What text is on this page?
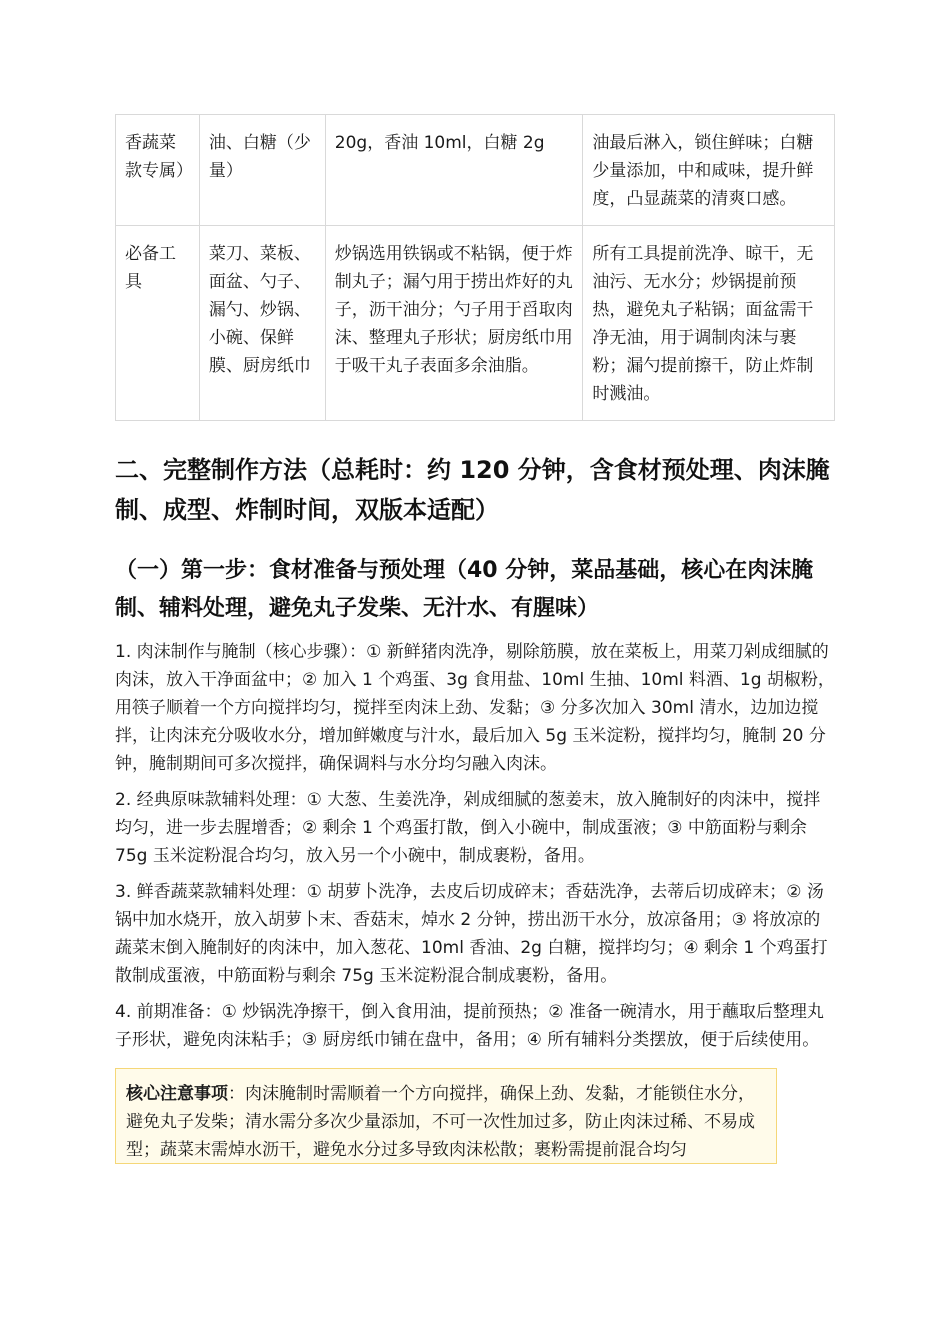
香蔬菜款专属）	油、白糖（少量）	20g，香油 10ml，白糖 2g	油最后淋入，锁住鲜味；白糖少量添加，中和咸味，提升鲜度，凸显蔬菜的清爽口感。
必备工具	菜刀、菜板、面盆、勺子、漏勺、炒锅、小碗、保鲜膜、厨房纸巾	炒锅选用铁锅或不粘锅，便于炸制丸子；漏勺用于捞出炸好的丸子，沥干油分；勺子用于舀取肉沫、整理丸子形状；厨房纸巾用于吸干丸子表面多余油脂。	所有工具提前洗净、晾干，无油污、无水分；炒锅提前预热，避免丸子粘锅；面盆需干净无油，用于调制肉沫与裹粉；漏勺提前擦干，防止炸制时溅油。
二、完整制作方法（总耗时：约 120 分钟，含食材预处理、肉沫腌制、成型、炸制时间，双版本适配）
（一）第一步：食材准备与预处理（40 分钟，菜品基础，核心在肉沫腌制、辅料处理，避免丸子发柴、无汁水、有腥味）

1. 肉沫制作与腌制（核心步骤）：① 新鲜猪肉洗净，剔除筋膜，放在菜板上，用菜刀剁成细腻的肉沫，放入干净面盆中；② 加入 1 个鸡蛋、3g 食用盐、10ml 生抽、10ml 料酒、1g 胡椒粉，用筷子顺着一个方向搅拌均匀，搅拌至肉沫上劲、发黏；③ 分多次加入 30ml 清水，边加边搅拌，让肉沫充分吸收水分，增加鲜嫩度与汁水，最后加入 5g 玉米淀粉，搅拌均匀，腌制 20 分钟，腌制期间可多次搅拌，确保调料与水分均匀融入肉沫。

2. 经典原味款辅料处理：① 大葱、生姜洗净，剁成细腻的葱姜末，放入腌制好的肉沫中，搅拌均匀，进一步去腥增香；② 剩余 1 个鸡蛋打散，倒入小碗中，制成蛋液；③ 中筋面粉与剩余 75g 玉米淀粉混合均匀，放入另一个小碗中，制成裹粉，备用。

3. 鲜香蔬菜款辅料处理：① 胡萝卜洗净，去皮后切成碎末；香菇洗净，去蒂后切成碎末；② 汤锅中加水烧开，放入胡萝卜末、香菇末，焯水 2 分钟，捞出沥干水分，放凉备用；③ 将放凉的蔬菜末倒入腌制好的肉沫中，加入葱花、10ml 香油、2g 白糖，搅拌均匀；④ 剩余 1 个鸡蛋打散制成蛋液，中筋面粉与剩余 75g 玉米淀粉混合制成裹粉，备用。

4. 前期准备：① 炒锅洗净擦干，倒入食用油，提前预热；② 准备一碗清水，用于蘸取后整理丸子形状，避免肉沫粘手；③ 厨房纸巾铺在盘中，备用；④ 所有辅料分类摆放，便于后续使用。

核心注意事项：肉沫腌制时需顺着一个方向搅拌，确保上劲、发黏，才能锁住水分，避免丸子发柴；清水需分多次少量添加，不可一次性加过多，防止肉沫过稀、不易成型；蔬菜末需焯水沥干，避免水分过多导致肉沫松散；裹粉需提前混合均匀
